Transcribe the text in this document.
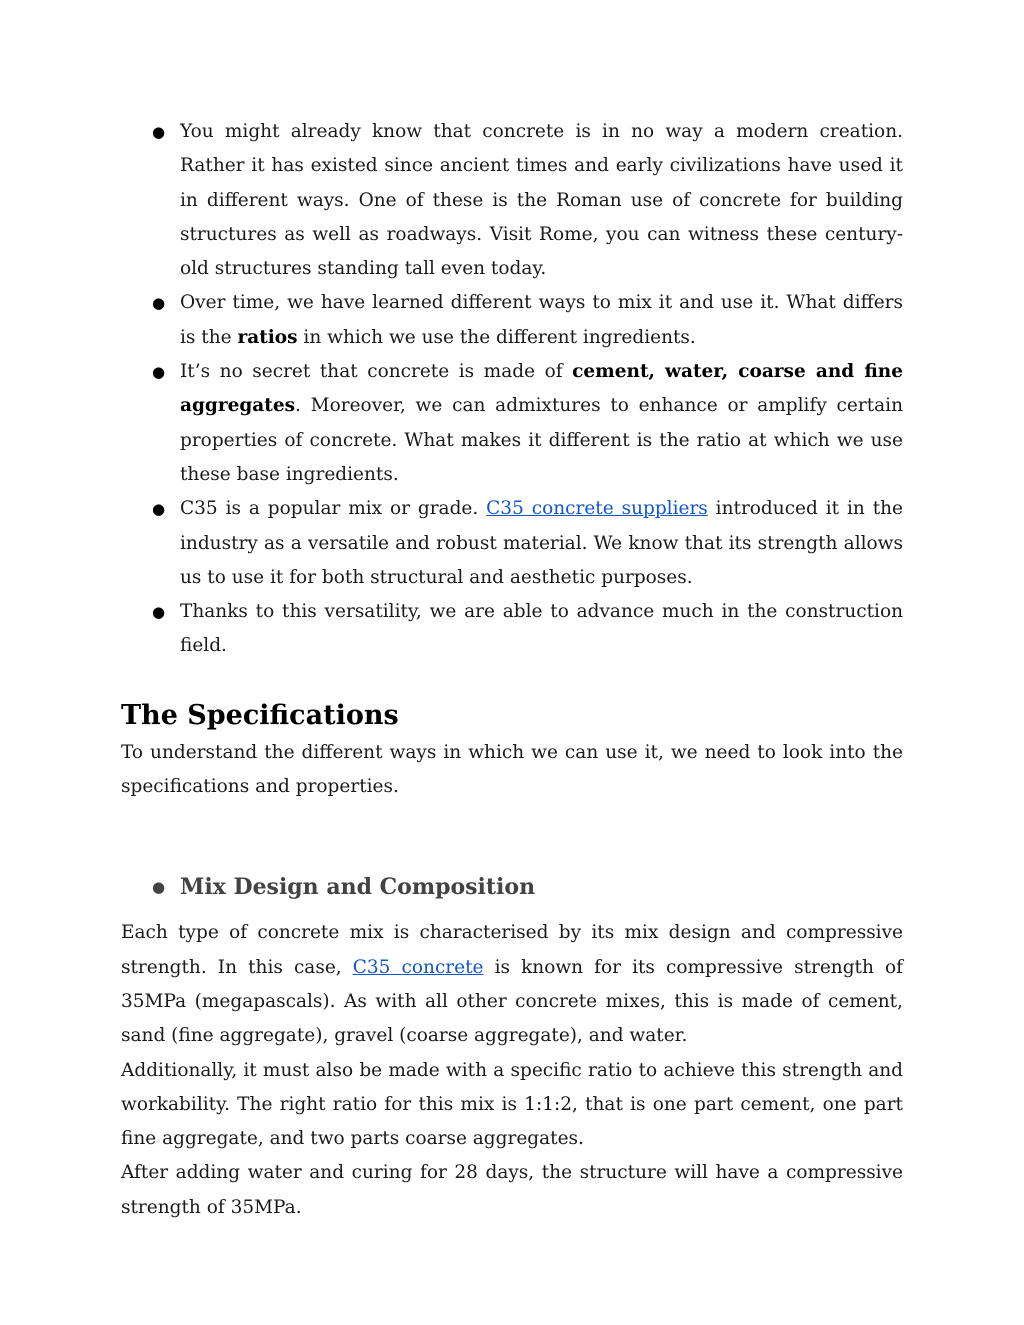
● You might already know that concrete is in no way a modern creation. Rather it has existed since ancient times and early civilizations have used it in different ways. One of these is the Roman use of concrete for building structures as well as roadways. Visit Rome, you can witness these century-old structures standing tall even today.
● Over time, we have learned different ways to mix it and use it. What differs is the ratios in which we use the different ingredients.
● It’s no secret that concrete is made of cement, water, coarse and fine aggregates. Moreover, we can admixtures to enhance or amplify certain properties of concrete. What makes it different is the ratio at which we use these base ingredients.
● C35 is a popular mix or grade. C35 concrete suppliers introduced it in the industry as a versatile and robust material. We know that its strength allows us to use it for both structural and aesthetic purposes.
● Thanks to this versatility, we are able to advance much in the construction field.
The Specifications

To understand the different ways in which we can use it, we need to look into the specifications and properties.

● Mix Design and Composition

Each type of concrete mix is characterised by its mix design and compressive strength. In this case, C35 concrete is known for its compressive strength of 35MPa (megapascals). As with all other concrete mixes, this is made of cement, sand (fine aggregate), gravel (coarse aggregate), and water.

Additionally, it must also be made with a specific ratio to achieve this strength and workability. The right ratio for this mix is 1:1:2, that is one part cement, one part fine aggregate, and two parts coarse aggregates.

After adding water and curing for 28 days, the structure will have a compressive strength of 35MPa.
